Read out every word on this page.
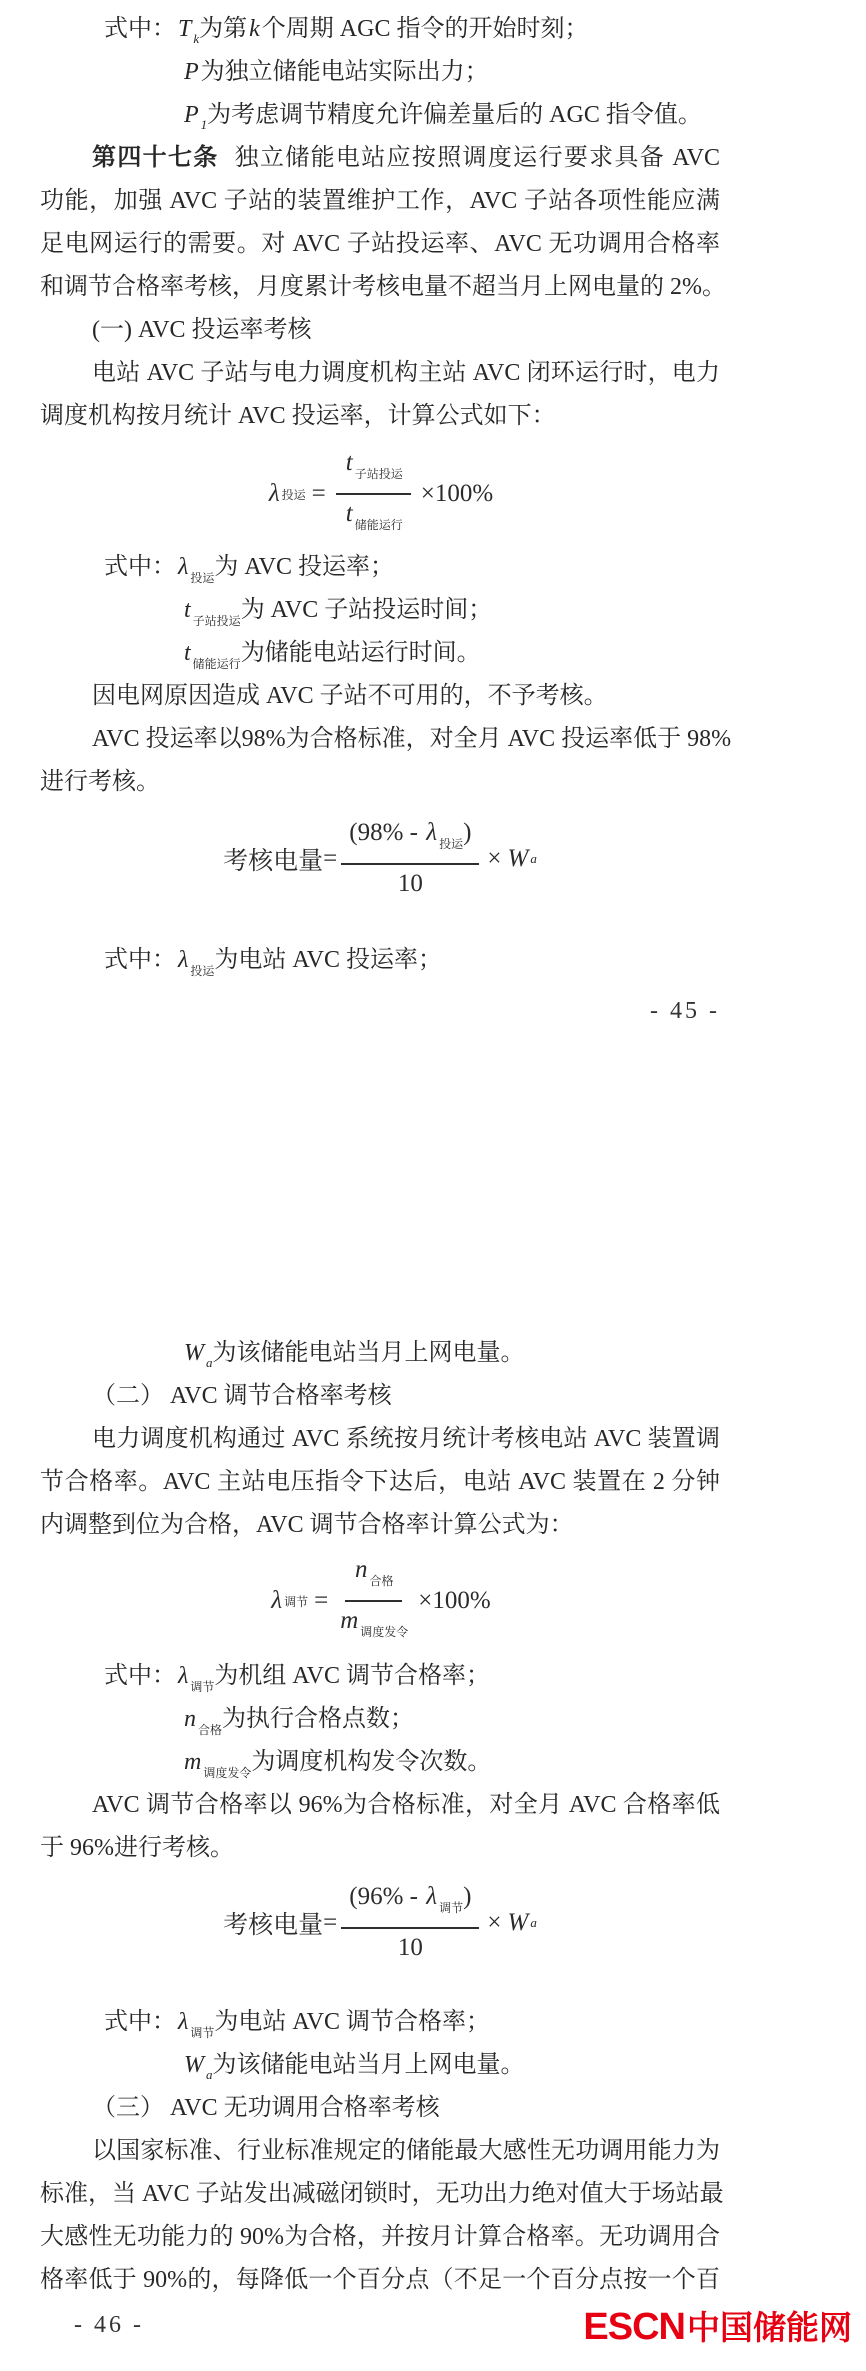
式中：T $_k$为第k个周期 AGC 指令的开始时刻；
P为独立储能电站实际出力；
P $_1$为考虑调节精度允许偏差量后的 AGC 指令值。
第四十七条 独立储能电站应按照调度运行要求具备 AVC
功能，加强 AVC 子站的装置维护工作，AVC 子站各项性能应满
足电网运行的需要。对 AVC 子站投运率、AVC 无功调用合格率
和调节合格率考核，月度累计考核电量不超当月上网电量的 2%。
(一) AVC 投运率考核
电站 AVC 子站与电力调度机构主站 AVC 闭环运行时，电力
调度机构按月统计 AVC 投运率，计算公式如下：
λ 投运 = $\frac{t _{子站投运}}{t _{储能运行}} \times 100\%$
式中：λ $_{投运}$为 AVC 投运率；
t $_{子站投运}$为 AVC 子站投运时间；
t $_{储能运行}$为储能电站运行时间。
因电网原因造成 AVC 子站不可用的，不予考核。
AVC 投运率以98%为合格标准，对全月 AVC 投运率低于 98%
进行考核。
考核电量 = $\frac{(98\% - \lambda _{投运})}{10} \times W$ a
式中：λ $_{投运}$为电站 AVC 投运率；
- 45 -
W $_a$为该储能电站当月上网电量。
（二） AVC 调节合格率考核
电力调度机构通过 AVC 系统按月统计考核电站 AVC 装置调
节合格率。AVC 主站电压指令下达后，电站 AVC 装置在 2 分钟
内调整到位为合格，AVC 调节合格率计算公式为：
λ 调节 = $\frac{n _{合格}}{m _{调度发令}} \times 100\%$
式中：λ $_{调节}$为机组 AVC 调节合格率；
n $_{合格}$为执行合格点数；
m $_{调度发令}$为调度机构发令次数。
AVC 调节合格率以 96%为合格标准，对全月 AVC 合格率低
于 96%进行考核。
考核电量 = $\frac{(96\% - \lambda _{调节})}{10} \times W$ a
式中：λ $_{调节}$为电站 AVC 调节合格率；
W $_a$为该储能电站当月上网电量。
（三） AVC 无功调用合格率考核
以国家标准、行业标准规定的储能最大感性无功调用能力为
标准，当 AVC 子站发出减磁闭锁时，无功出力绝对值大于场站最
大感性无功能力的 90%为合格，并按月计算合格率。无功调用合
格率低于 90%的，每降低一个百分点（不足一个百分点按一个百
- 46 -	ESCN 中国储能网
